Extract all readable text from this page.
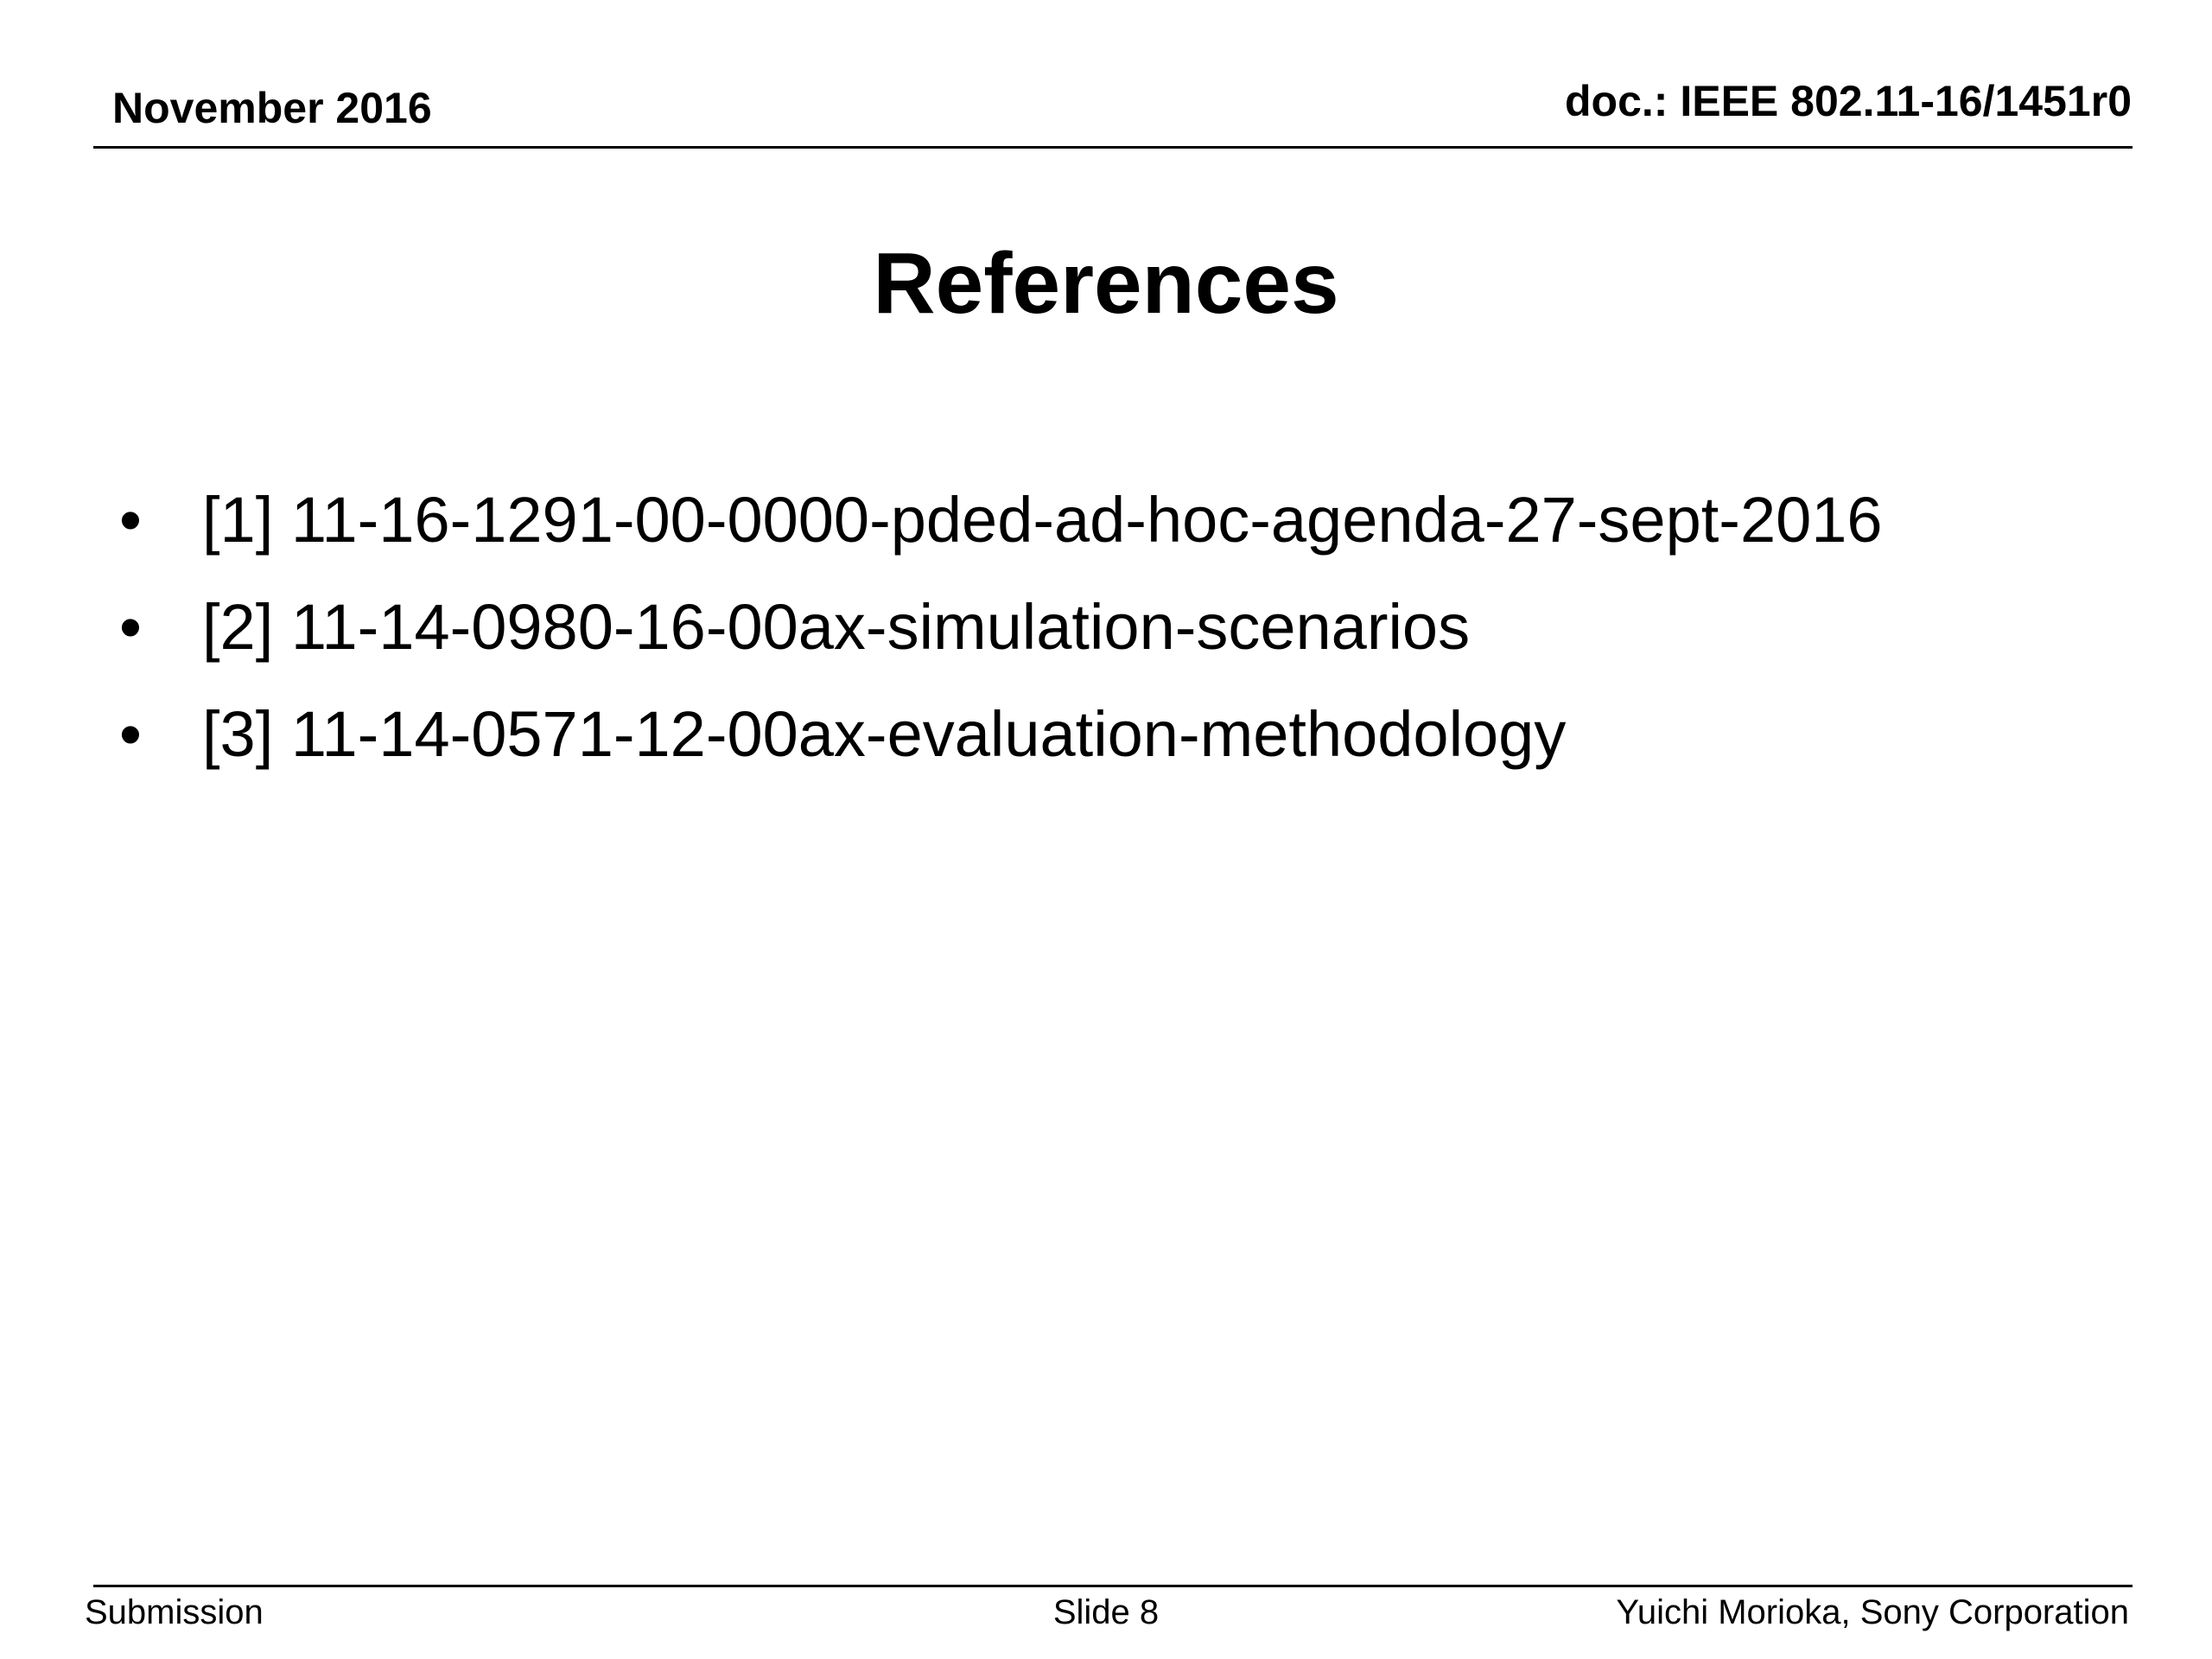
November 2016	doc.: IEEE 802.11-16/1451r0
References
• [1] 11-16-1291-00-0000-pded-ad-hoc-agenda-27-sept-2016
• [2] 11-14-0980-16-00ax-simulation-scenarios
• [3] 11-14-0571-12-00ax-evaluation-methodology
Submission	Slide 8	Yuichi Morioka, Sony Corporation
